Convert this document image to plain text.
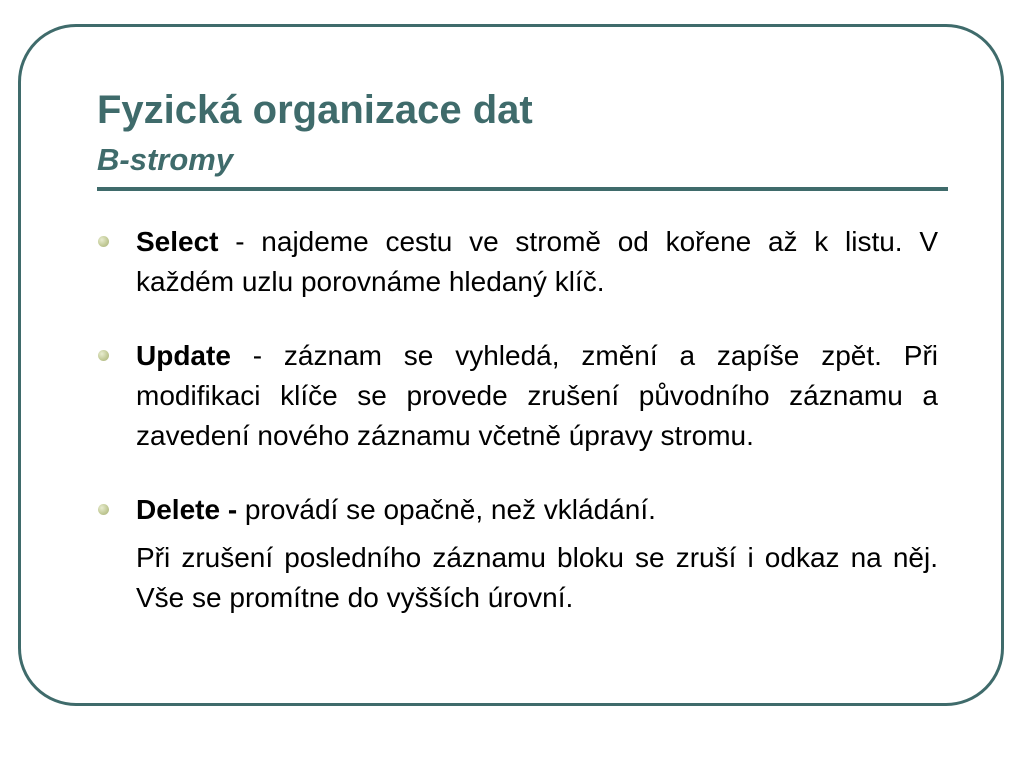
Fyzická organizace dat
B-stromy
Select - najdeme cestu ve stromě od kořene až k listu. V každém uzlu porovnáme hledaný klíč.
Update - záznam se vyhledá, změní a zapíše zpět. Při modifikaci klíče se provede zrušení původního záznamu a zavedení nového záznamu včetně úpravy stromu.
Delete - provádí se opačně, než vkládání.
Při zrušení posledního záznamu bloku se zruší i odkaz na něj. Vše se promítne do vyšších úrovní.
